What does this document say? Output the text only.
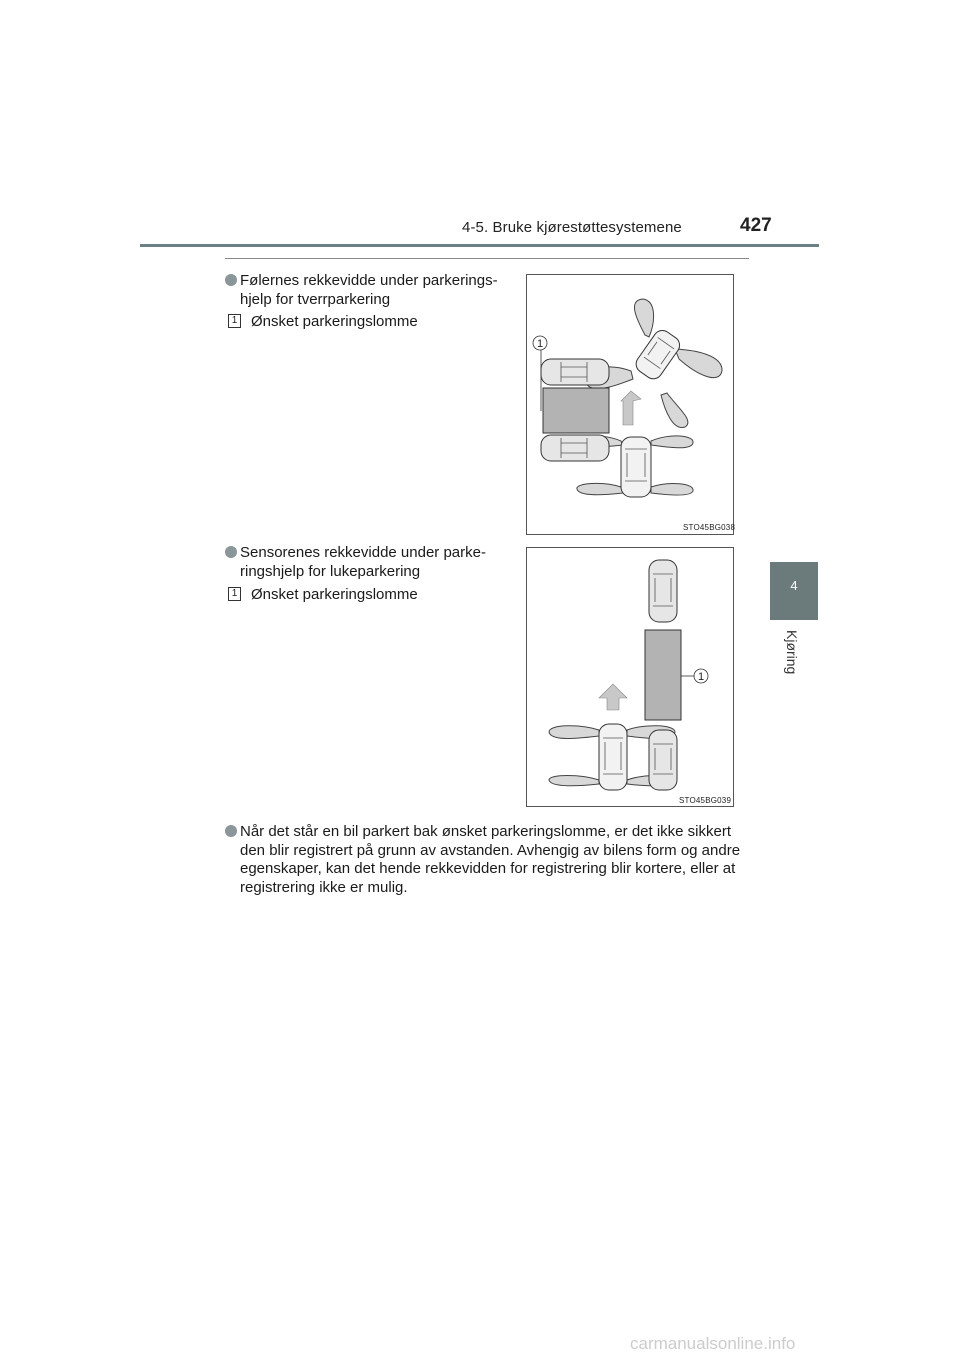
4-5. Bruke kjørestøttesystemene	427
4
Kjøring
Følernes rekkevidde under parkerings-
hjelp for tverrparkering
1 Ønsket parkeringslomme
1
STO45BG038
Sensorenes rekkevidde under parke-
ringshjelp for lukeparkering
1 Ønsket parkeringslomme
1
STO45BG039
Når det står en bil parkert bak ønsket parkeringslomme, er det ikke sikkert
den blir registrert på grunn av avstanden. Avhengig av bilens form og andre
egenskaper, kan det hende rekkevidden for registrering blir kortere, eller at
registrering ikke er mulig.
carmanualsonline.info
